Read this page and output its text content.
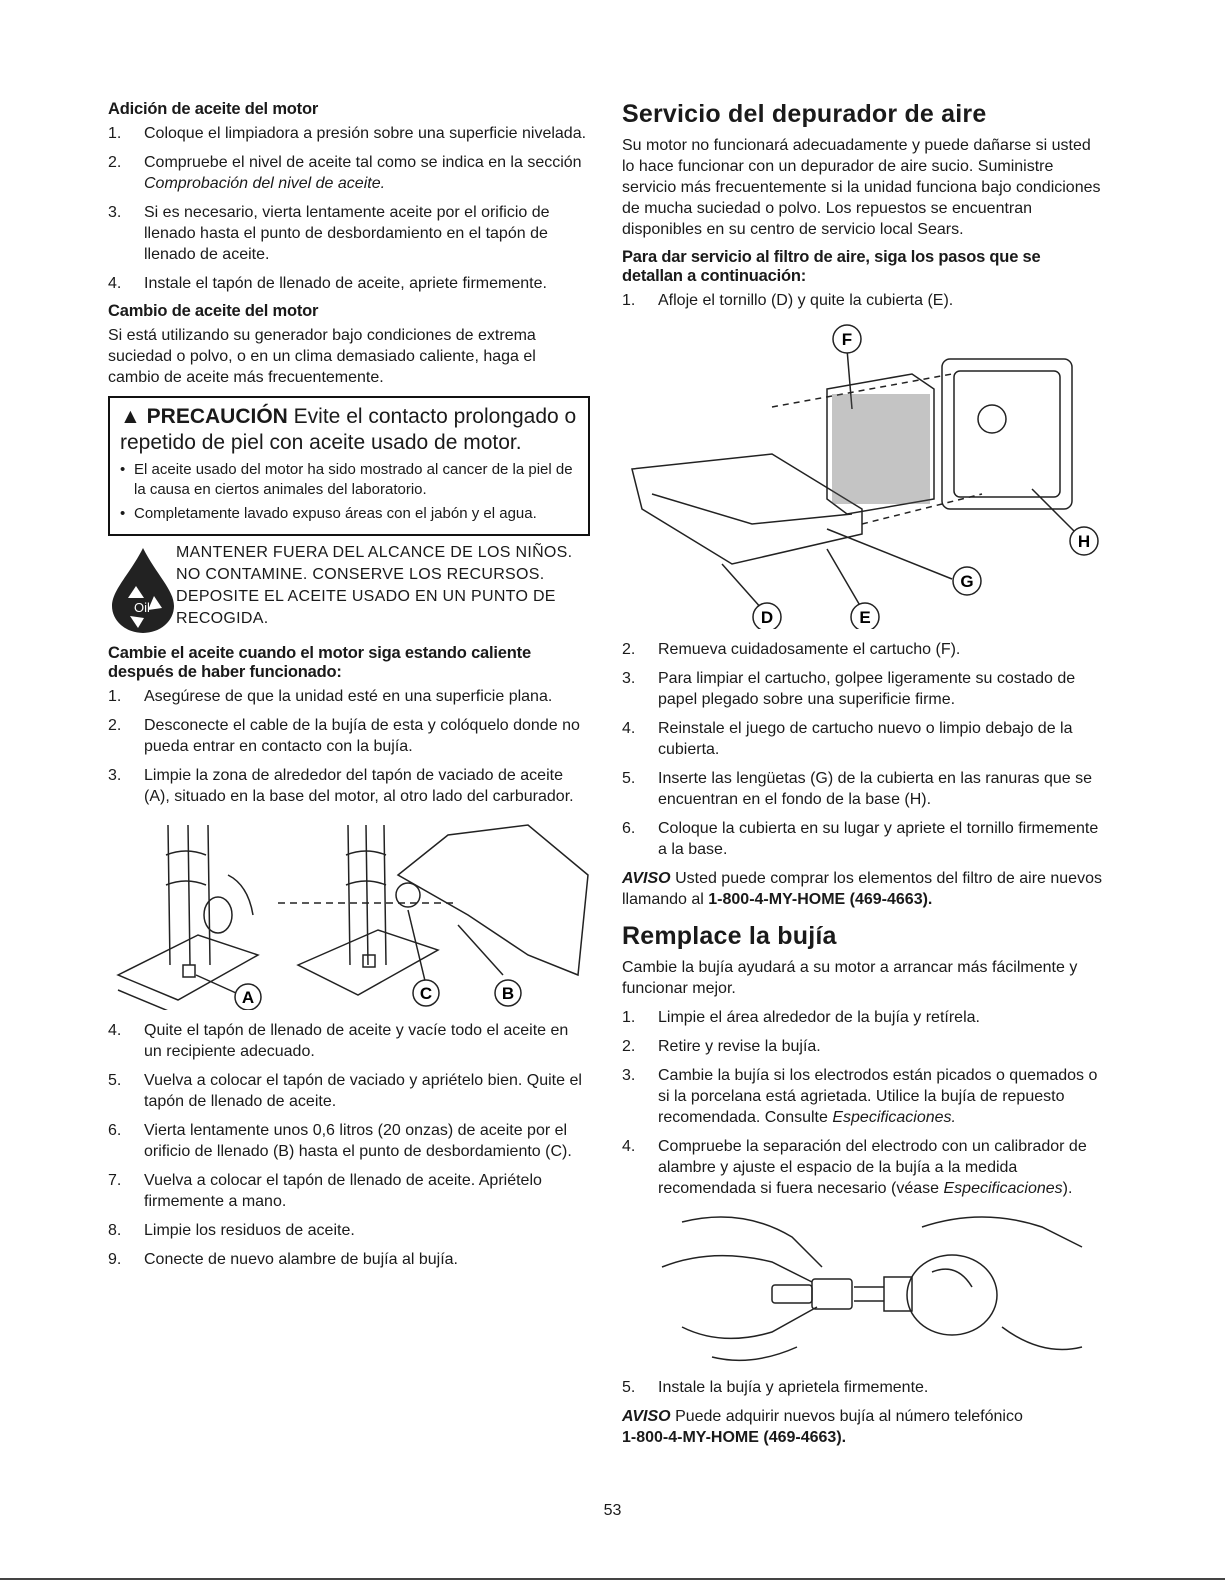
Adición de aceite del motor
1. Coloque el limpiadora a presión sobre una superficie nivelada.
2. Compruebe el nivel de aceite tal como se indica en la sección Comprobación del nivel de aceite.
3. Si es necesario, vierta lentamente aceite por el orificio de llenado hasta el punto de desbordamiento en el tapón de llenado de aceite.
4. Instale el tapón de llenado de aceite, apriete firmemente.
Cambio de aceite del motor

Si está utilizando su generador bajo condiciones de extrema suciedad o polvo, o en un clima demasiado caliente, haga el cambio de aceite más frecuentemente.

▲ PRECAUCIÓN Evite el contacto prolongado o repetido de piel con aceite usado de motor.
• El aceite usado del motor ha sido mostrado al cancer de la piel de la causa en ciertos animales del laboratorio.
• Completamente lavado expuso áreas con el jabón y el agua.
Oil
MANTENER FUERA DEL ALCANCE DE LOS NIÑOS. NO CONTAMINE. CONSERVE LOS RECURSOS. DEPOSITE EL ACEITE USADO EN UN PUNTO DE RECOGIDA.
Cambie el aceite cuando el motor siga estando caliente después de haber funcionado:
1. Asegúrese de que la unidad esté en una superficie plana.
2. Desconecte el cable de la bujía de esta y colóquelo donde no pueda entrar en contacto con la bujía.
3. Limpie la zona de alrededor del tapón de vaciado de aceite (A), situado en la base del motor, al otro lado del carburador.
A	C	B
4. Quite el tapón de llenado de aceite y vacíe todo el aceite en un recipiente adecuado.
5. Vuelva a colocar el tapón de vaciado y apriételo bien. Quite el tapón de llenado de aceite.
6. Vierta lentamente unos 0,6 litros (20 onzas) de aceite por el orificio de llenado (B) hasta el punto de desbordamiento (C).
7. Vuelva a colocar el tapón de llenado de aceite. Apriételo firmemente a mano.
8. Limpie los residuos de aceite.
9. Conecte de nuevo alambre de bujía al bujía.
Servicio del depurador de aire

Su motor no funcionará adecuadamente y puede dañarse si usted lo hace funcionar con un depurador de aire sucio. Suministre servicio más frecuentemente si la unidad funciona bajo condiciones de mucha suciedad o polvo. Los repuestos se encuentran disponibles en su centro de servicio local Sears.

Para dar servicio al filtro de aire, siga los pasos que se detallan a continuación:
1. Afloje el tornillo (D) y quite la cubierta (E).
F
H
G
D	E
2. Remueva cuidadosamente el cartucho (F).
3. Para limpiar el cartucho, golpee ligeramente su costado de papel plegado sobre una superificie firme.
4. Reinstale el juego de cartucho nuevo o limpio debajo de la cubierta.
5. Inserte las lengüetas (G) de la cubierta en las ranuras que se encuentran en el fondo de la base (H).
6. Coloque la cubierta en su lugar y apriete el tornillo firmemente a la base.

AVISO Usted puede comprar los elementos del filtro de aire nuevos llamando al 1-800-4-MY-HOME (469-4663).

Remplace la bujía

Cambie la bujía ayudará a su motor a arrancar más fácilmente y funcionar mejor.

1. Limpie el área alrededor de la bujía y retírela.
2. Retire y revise la bujía.
3. Cambie la bujía si los electrodos están picados o quemados o si la porcelana está agrietada. Utilice la bujía de repuesto recomendada. Consulte Especificaciones.
4. Compruebe la separación del electrodo con un calibrador de alambre y ajuste el espacio de la bujía a la medida recomendada si fuera necesario (véase Especificaciones).
5. Instale la bujía y aprietela firmemente.

AVISO Puede adquirir nuevos bujía al número telefónico
1-800-4-MY-HOME (469-4663).

53
